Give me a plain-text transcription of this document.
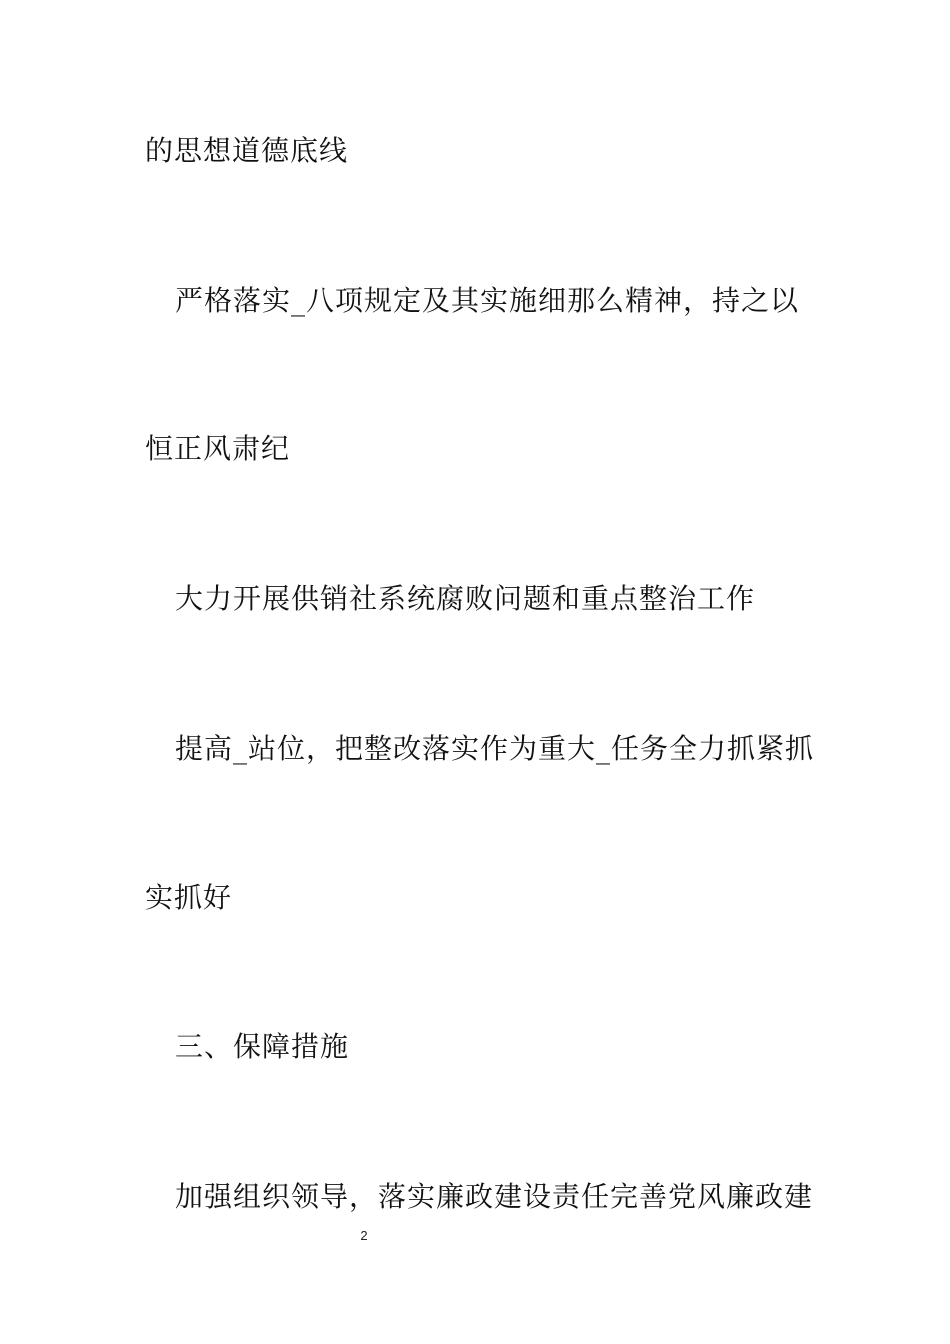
的思想道德底线
严格落实_八项规定及其实施细那么精神，持之以
恒正风肃纪
大力开展供销社系统腐败问题和重点整治工作
提高_站位，把整改落实作为重大_任务全力抓紧抓
实抓好
三、保障措施
加强组织领导，落实廉政建设责任完善党风廉政建
2
